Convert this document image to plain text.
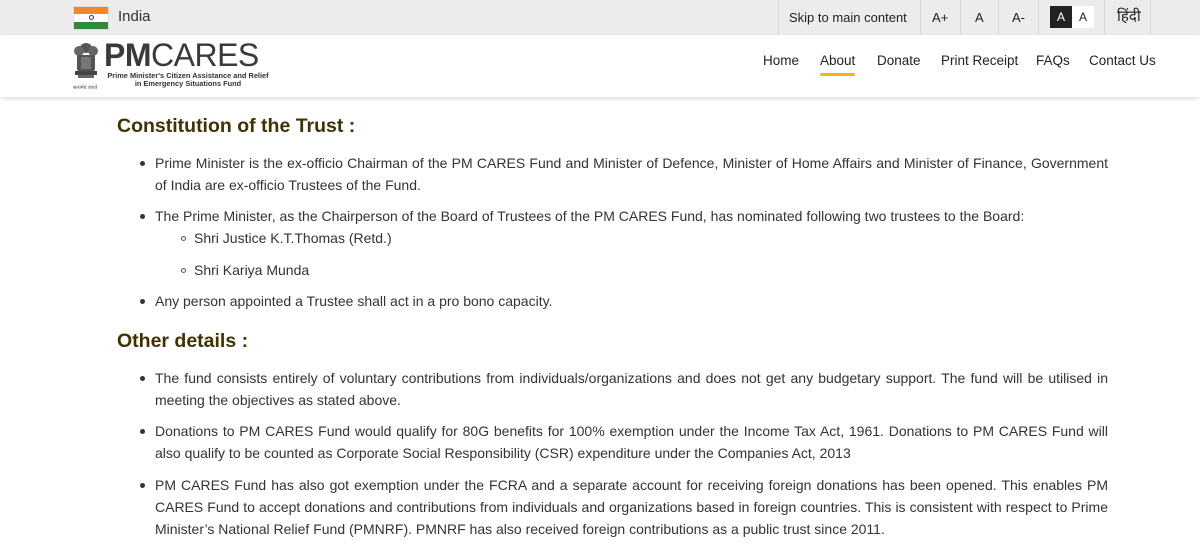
India	Skip to main content A+ A A-	A	A	हिंदी
सत्यमेव जयते
PMCARES
Prime Minister's Citizen Assistance and Relief
in Emergency Situations Fund
Home About Donate Print Receipt FAQs Contact Us
Constitution of the Trust :
Prime Minister is the ex-officio Chairman of the PM CARES Fund and Minister of Defence, Minister of Home Affairs and Minister of Finance, Government of India are ex-officio Trustees of the Fund.
The Prime Minister, as the Chairperson of the Board of Trustees of the PM CARES Fund, has nominated following two trustees to the Board:
Shri Justice K.T.Thomas (Retd.)
Shri Kariya Munda
Any person appointed a Trustee shall act in a pro bono capacity.
Other details :
The fund consists entirely of voluntary contributions from individuals/organizations and does not get any budgetary support. The fund will be utilised in meeting the objectives as stated above.
Donations to PM CARES Fund would qualify for 80G benefits for 100% exemption under the Income Tax Act, 1961. Donations to PM CARES Fund will also qualify to be counted as Corporate Social Responsibility (CSR) expenditure under the Companies Act, 2013
PM CARES Fund has also got exemption under the FCRA and a separate account for receiving foreign donations has been opened. This enables PM CARES Fund to accept donations and contributions from individuals and organizations based in foreign countries. This is consistent with respect to Prime Minister’s National Relief Fund (PMNRF). PMNRF has also received foreign contributions as a public trust since 2011.
